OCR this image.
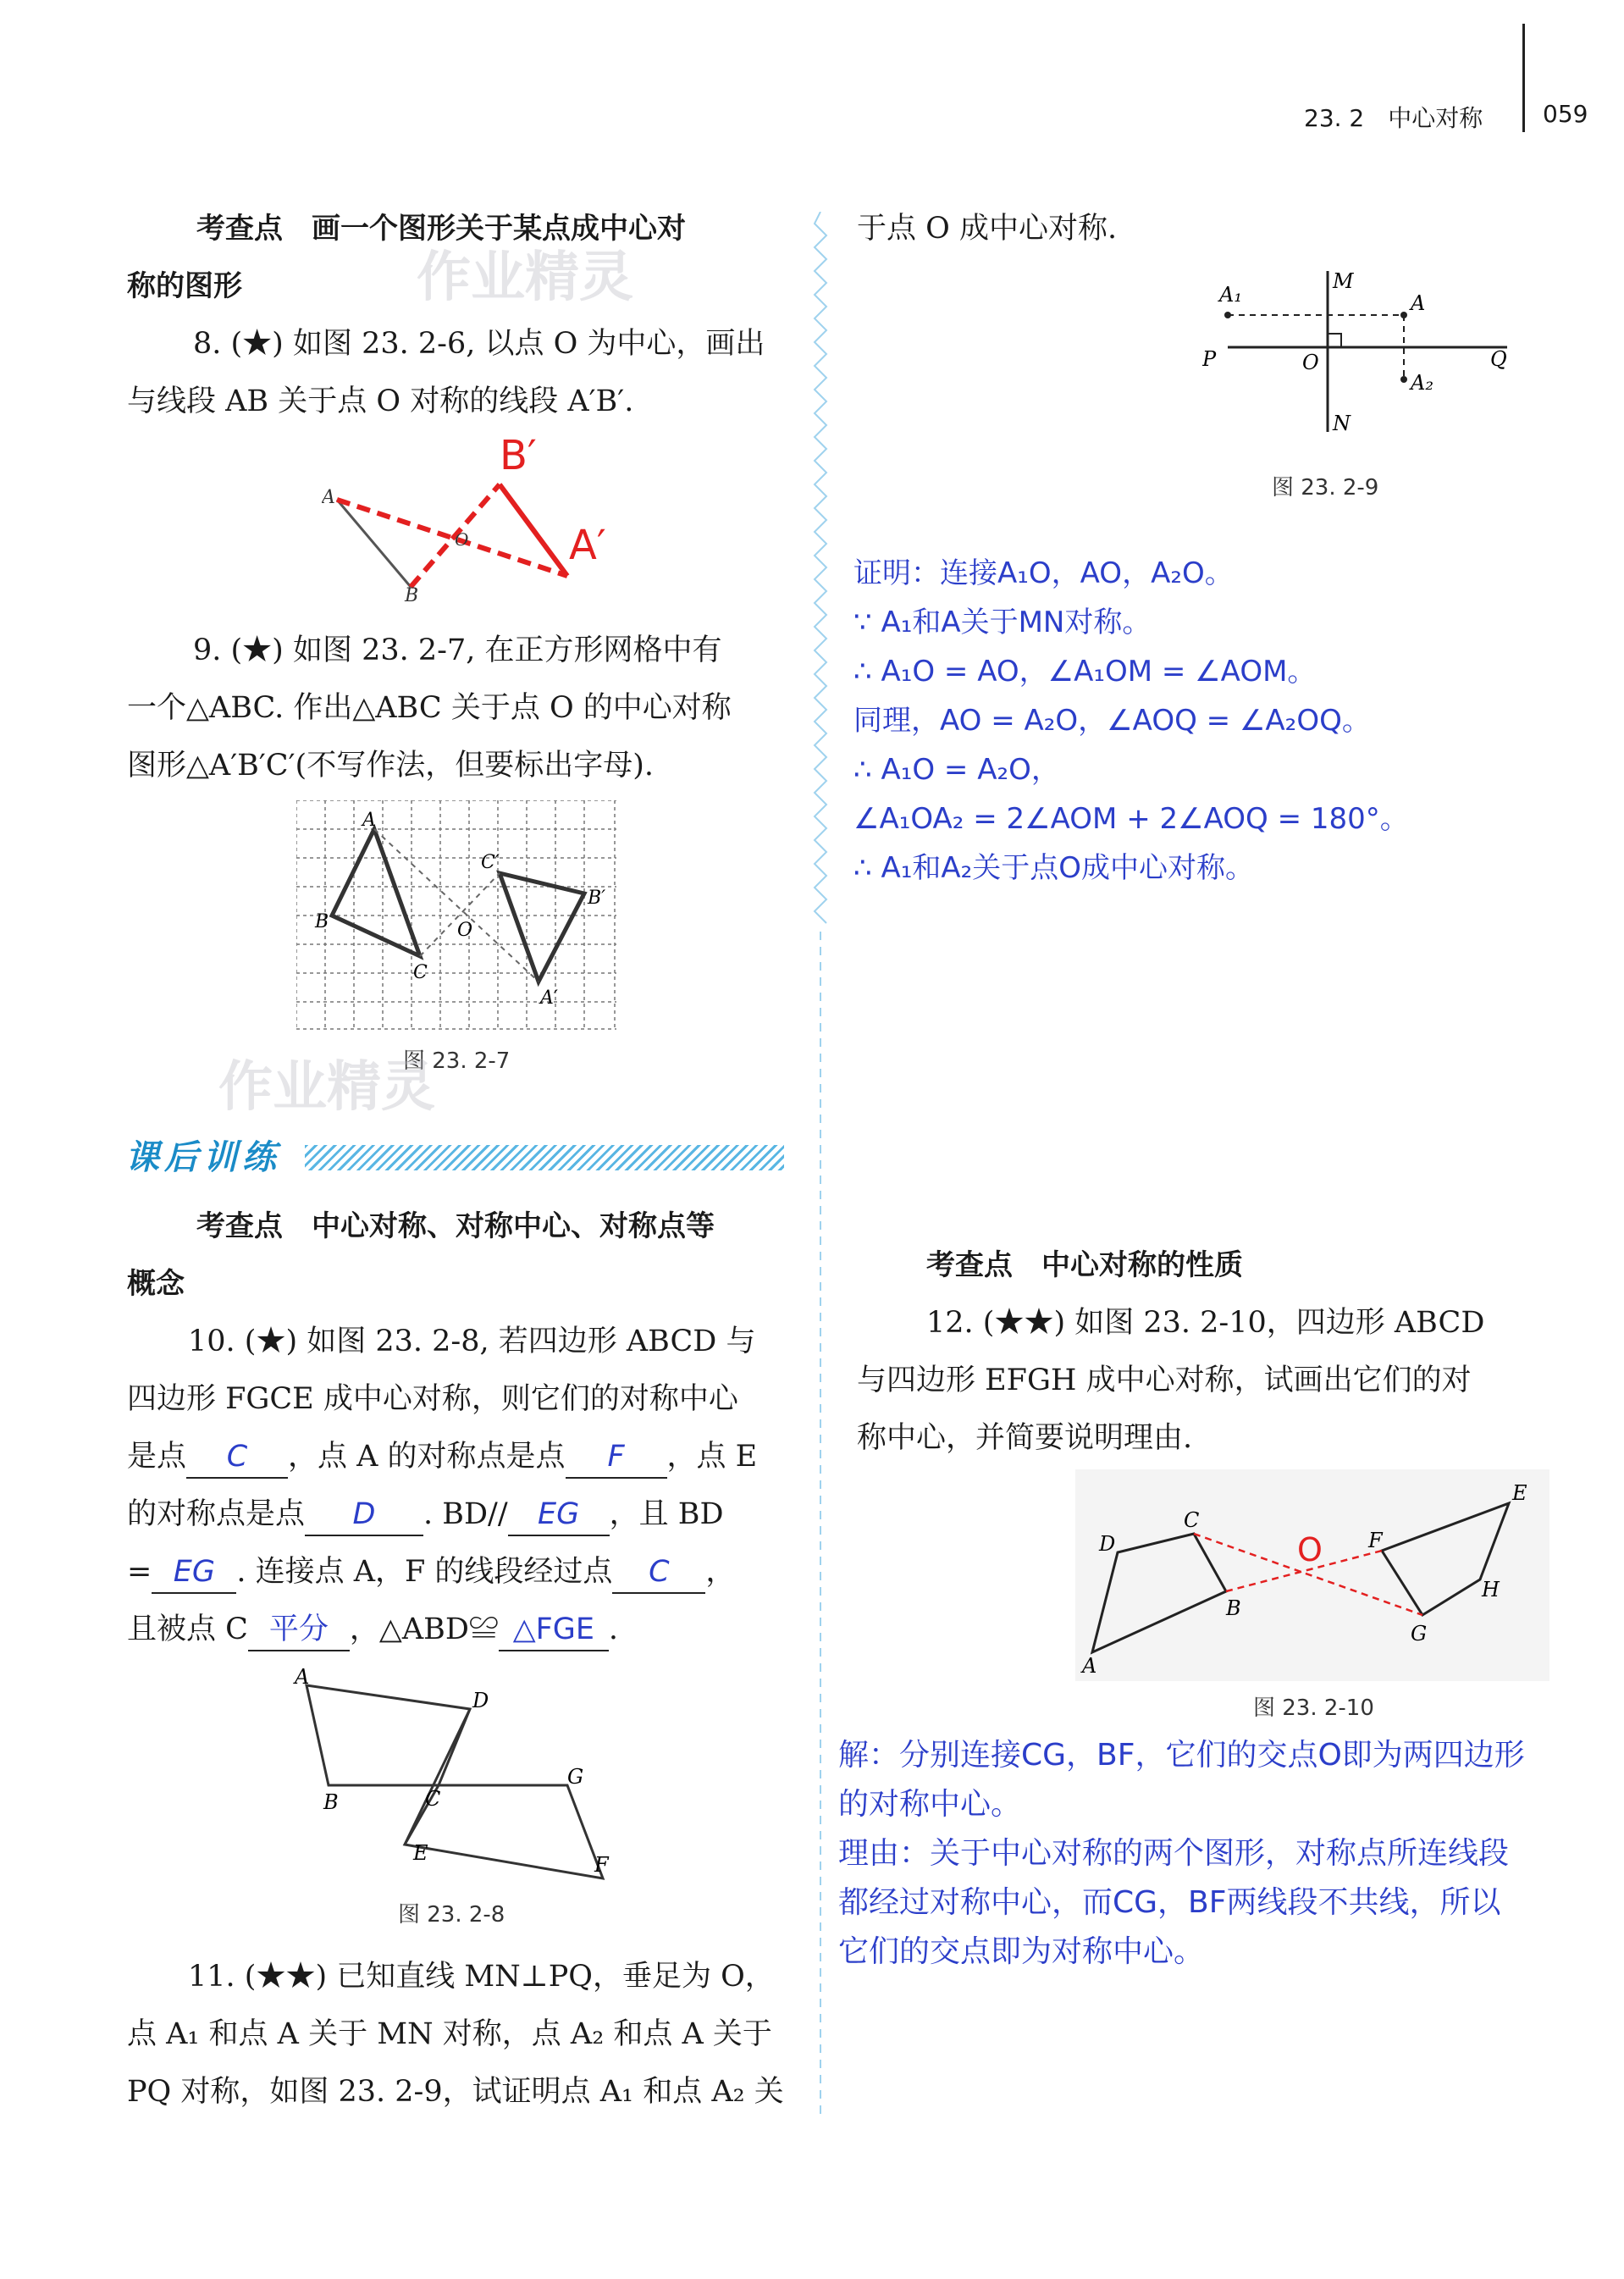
23. 2　中心对称	059
考查点　画一个图形关于某点成中心对
称的图形	作业精灵
8. (★) 如图 23. 2-6, 以点 O 为中心，画出
与线段 AB 关于点 O 对称的线段 A′B′.
A
B
O
B′
A′
9. (★) 如图 23. 2-7, 在正方形网格中有
一个△ABC. 作出△ABC 关于点 O 的中心对称
图形△A′B′C′(不写作法，但要标出字母).
A
B
C
O
C′
B′
A′
图 23. 2-7
作业精灵
课后训练
考查点　中心对称、对称中心、对称点等
概念
10. (★) 如图 23. 2-8, 若四边形 ABCD 与
四边形 FGCE 成中心对称，则它们的对称中心
是点 C ，点 A 的对称点是点 F ，点 E
的对称点是点 D . BD// EG ，且 BD
= EG . 连接点 A，F 的线段经过点 C ，
且被点 C 平分 ，△ABD≌ △FGE .
A
D
B	C
G
E	F
图 23. 2-8
11. (★★) 已知直线 MN⊥PQ，垂足为 O，
点 A₁ 和点 A 关于 MN 对称，点 A₂ 和点 A 关于
PQ 对称，如图 23. 2-9，试证明点 A₁ 和点 A₂ 关
于点 O 成中心对称.
A₁
M
A
P	O	Q
A₂
N
图 23. 2-9
证明：连接A₁O，AO，A₂O。
∵ A₁和A关于MN对称。
∴ A₁O = AO，∠A₁OM = ∠AOM。
同理，AO = A₂O，∠AOQ = ∠A₂OQ。
∴ A₁O = A₂O，
∠A₁OA₂ = 2∠AOM + 2∠AOQ = 180°。
∴ A₁和A₂关于点O成中心对称。
考查点　中心对称的性质
12. (★★) 如图 23. 2-10，四边形 ABCD
与四边形 EFGH 成中心对称，试画出它们的对
称中心，并简要说明理由.
A
B
C
D
E
F
G
H
O
图 23. 2-10
解：分别连接CG，BF，它们的交点O即为两四边形
的对称中心。
理由：关于中心对称的两个图形，对称点所连线段
都经过对称中心，而CG，BF两线段不共线，所以
它们的交点即为对称中心。
